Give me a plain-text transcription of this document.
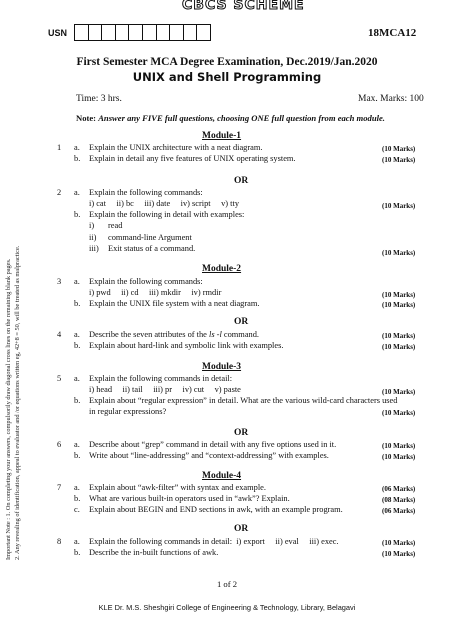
CBCS SCHEME
USN	18MCA12
First Semester MCA Degree Examination, Dec.2019/Jan.2020
UNIX and Shell Programming
Time: 3 hrs.	Max. Marks: 100
Note: Answer any FIVE full questions, choosing ONE full question from each module.
Important Note : 1. On completing your answers, compulsorily draw diagonal cross lines on the remaining blank pages. 2. Any revealing of identification, appeal to evaluator and /or equations written eg, 42+8 = 50, will be treated as malpractice.
Module-1
1 a. Explain the UNIX architecture with a neat diagram.	(10 Marks)
b. Explain in detail any five features of UNIX operating system.	(10 Marks)
OR
2 a. Explain the following commands:
i) cat     ii) bc     iii) date     iv) script     v) tty	(10 Marks)
b. Explain the following in detail with examples:
i) read
ii) command-line Argument
iii) Exit status of a command.	(10 Marks)
Module-2
3 a. Explain the following commands:
i) pwd     ii) cd     iii) mkdir     iv) rmdir	(10 Marks)
b. Explain the UNIX file system with a neat diagram.	(10 Marks)
OR
4 a. Describe the seven attributes of the ls -l command.	(10 Marks)
b. Explain about hard-link and symbolic link with examples.	(10 Marks)
Module-3
5 a. Explain the following commands in detail:
i) head     ii) tail     iii) pr     iv) cut     v) paste	(10 Marks)
b. Explain about “regular expression” in detail. What are the various wild-card characters used
in regular expressions?	(10 Marks)
OR
6 a. Describe about “grep” command in detail with any five options used in it.	(10 Marks)
b. Write about “line-addressing” and “context-addressing” with examples.	(10 Marks)
Module-4
7 a. Explain about “awk-filter” with syntax and example.	(06 Marks)
b. What are various built-in operators used in “awk”? Explain.	(08 Marks)
c. Explain about BEGIN and END sections in awk, with an example program.	(06 Marks)
OR
8 a. Explain the following commands in detail:  i) export     ii) eval     iii) exec.	(10 Marks)
b. Describe the in-built functions of awk.	(10 Marks)
1 of 2
KLE Dr. M.S. Sheshgiri College of Engineering & Technology, Library, Belagavi
